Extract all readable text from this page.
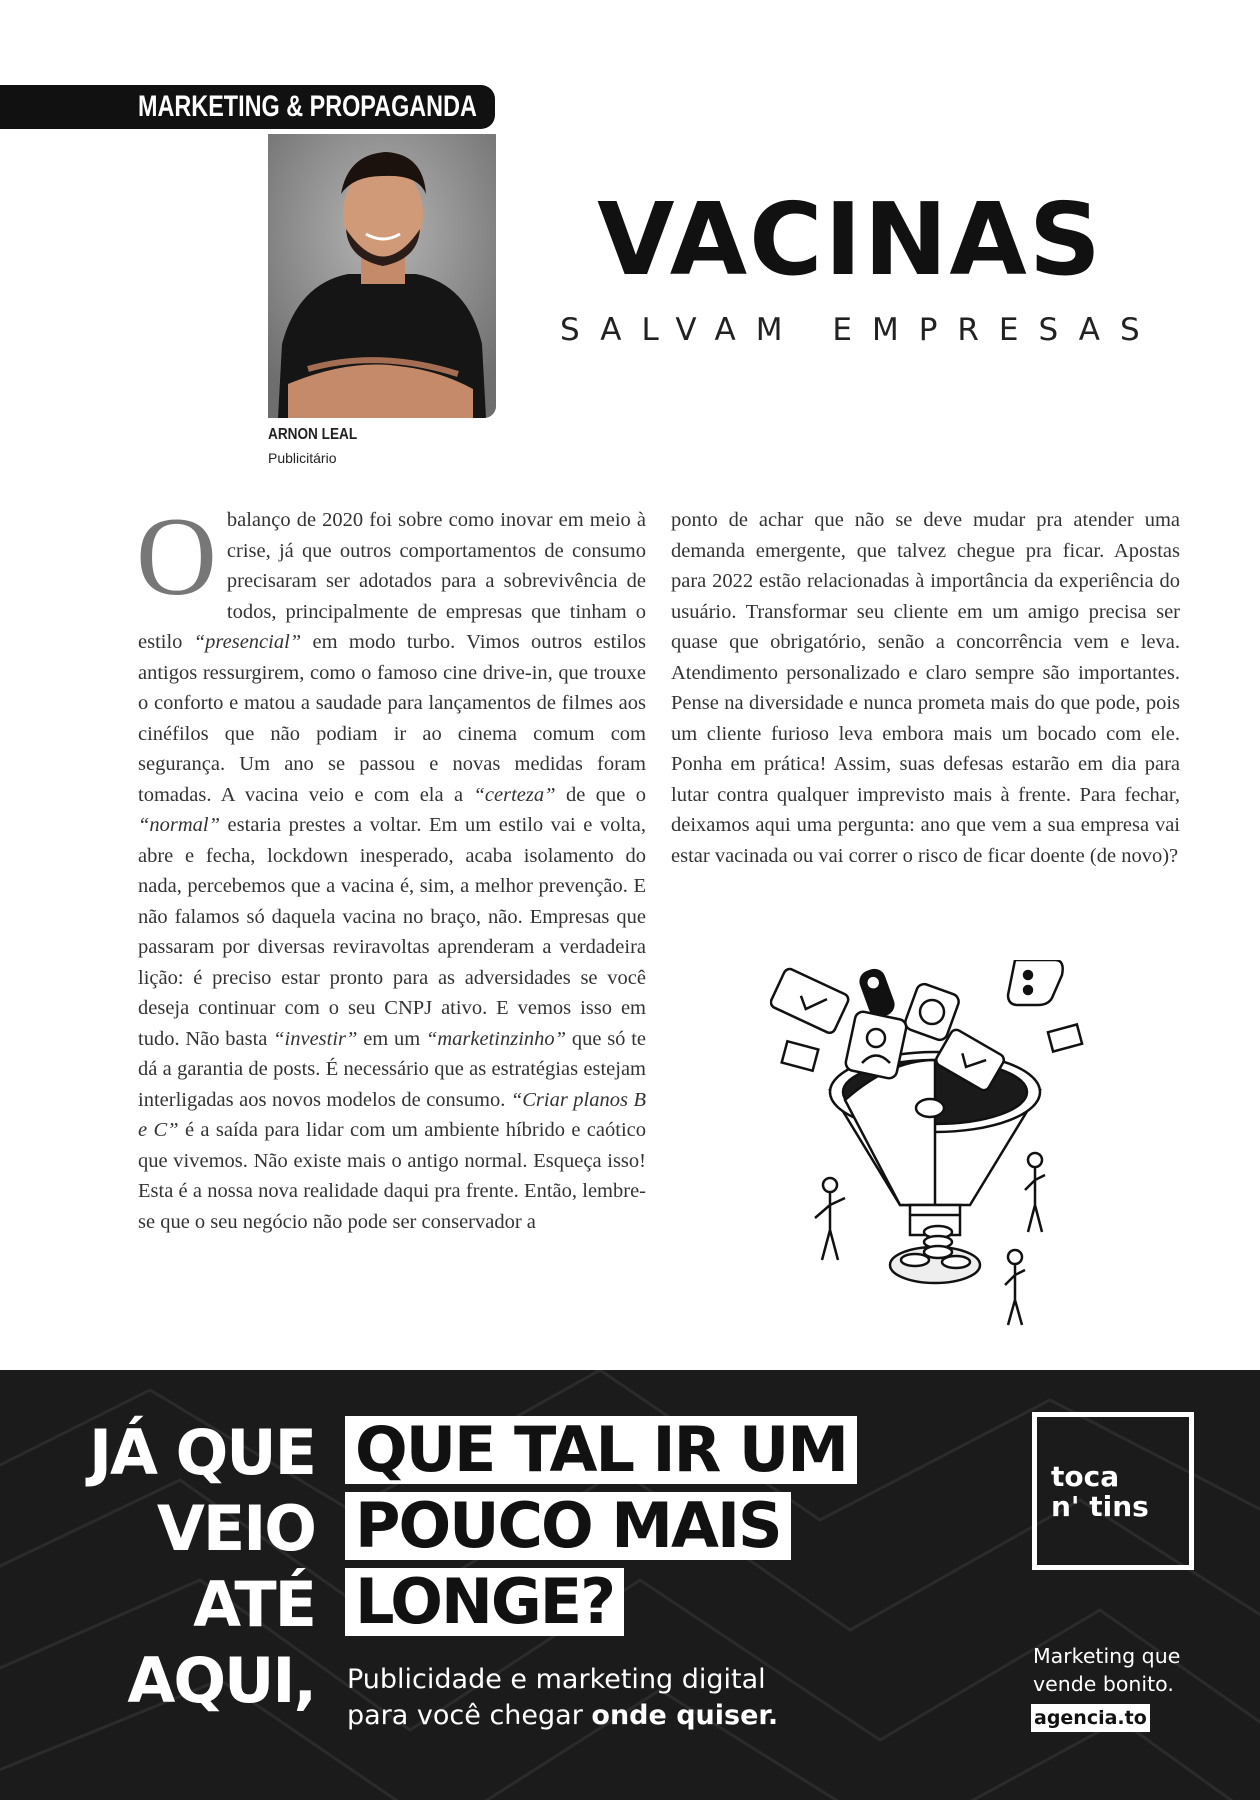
MARKETING & PROPAGANDA
ARNON LEAL
Publicitário
VACINAS
SALVAM EMPRESAS

O balanço de 2020 foi sobre como inovar em meio à crise, já que outros comportamentos de consumo precisaram ser adotados para a sobrevivência de todos, principalmente de empresas que tinham o estilo “presencial” em modo turbo. Vimos outros estilos antigos ressurgirem, como o famoso cine drive-in, que trouxe o conforto e matou a saudade para lançamentos de filmes aos cinéfilos que não podiam ir ao cinema comum com segurança. Um ano se passou e novas medidas foram tomadas. A vacina veio e com ela a “certeza” de que o “normal” estaria prestes a voltar. Em um estilo vai e volta, abre e fecha, lockdown inesperado, acaba isolamento do nada, percebemos que a vacina é, sim, a melhor prevenção. E não falamos só daquela vacina no braço, não. Empresas que passaram por diversas reviravoltas aprenderam a verdadeira lição: é preciso estar pronto para as adversidades se você deseja continuar com o seu CNPJ ativo. E vemos isso em tudo. Não basta “investir” em um “marketinzinho” que só te dá a garantia de posts. É necessário que as estratégias estejam interligadas aos novos modelos de consumo. “Criar planos B e C” é a saída para lidar com um ambiente híbrido e caótico que vivemos. Não existe mais o antigo normal. Esqueça isso! Esta é a nossa nova realidade daqui pra frente. Então, lembre-se que o seu negócio não pode ser conservador a

ponto de achar que não se deve mudar pra atender uma demanda emergente, que talvez chegue pra ficar. Apostas para 2022 estão relacionadas à importância da experiência do usuário. Transformar seu cliente em um amigo precisa ser quase que obrigatório, senão a concorrência vem e leva. Atendimento personalizado e claro sempre são importantes. Pense na diversidade e nunca prometa mais do que pode, pois um cliente furioso leva embora mais um bocado com ele. Ponha em prática! Assim, suas defesas estarão em dia para lutar contra qualquer imprevisto mais à frente. Para fechar, deixamos aqui uma pergunta: ano que vem a sua empresa vai estar vacinada ou vai correr o risco de ficar doente (de novo)?

JÁ QUE
VEIO
ATÉ
AQUI,
QUE TAL IR UM
POUCO MAIS
LONGE?
Publicidade e marketing digital
para você chegar onde quiser.
toca
n' tins
Marketing que
vende bonito.
agencia.to
